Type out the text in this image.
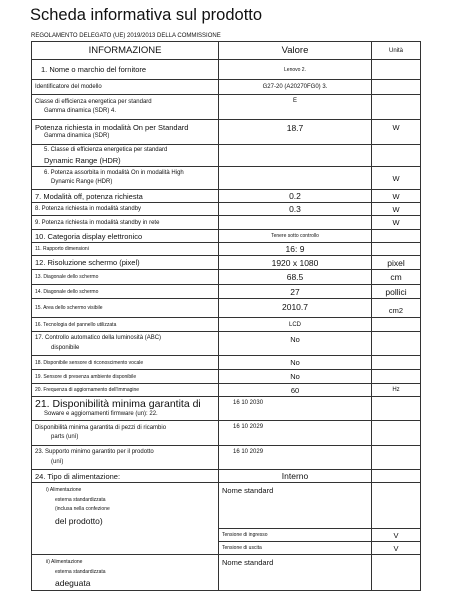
Scheda informativa sul prodotto
REGOLAMENTO DELEGATO (UE) 2019/2013 DELLA COMMISSIONE
INFORMAZIONE	Valore	Unità
1. Nome o marchio del fornitore	Lenovo 2.	
Identificatore del modello	G27-20 (A20270FG0) 3.	

Classe di efficienza energetica per standard
Gamma dinamica (SDR) 4.	E	

Potenza richiesta in modalità On per Standard
Gamma dinamica (SDR)	18.7	W

5. Classe di efficienza energetica per standard
Dynamic Range (HDR)		

6. Potenza assorbita in modalità On in modalità High
Dynamic Range (HDR)		W
7. Modalità off, potenza richiesta	0.2	W
8. Potenza richiesta in modalità standby	0.3	W
9. Potenza richiesta in modalità standby in rete		W
10. Categoria display elettronico	Tenere sotto controllo	
11. Rapporto dimensioni	16: 9	
12. Risoluzione schermo (pixel)	1920 x 1080	pixel
13. Diagonale dello schermo	68.5	cm
14. Diagonale dello schermo	27	pollici
15. Area dello schermo visibile	2010.7	cm2
16. Tecnologia del pannello utilizzata	LCD	

17. Controllo automatico della luminosità (ABC)
disponibile	No	
18. Disponibile sensore di riconoscimento vocale	No	
19. Sensore di presenza ambiente disponibile	No	
20. Frequenza di aggiornamento dell'immagine	60	Hz

21. Disponibilità minima garantita di
Soware e aggiornamenti firmware (un): 22.	16 10 2030	

Disponibilità minima garantita di pezzi di ricambio
parts (unì)	16 10 2029	

23. Supporto minimo garantito per il prodotto
(unì)	16 10 2029	
24. Tipo di alimentazione:	Interno	

i) Alimentazione
esterna standardizzata
(inclusa nella confezione
del prodotto)	Nome standard	
	Tensione di ingresso	V
	Tensione di uscita	V

ii) Alimentazione
esterna standardizzata
adeguata	Nome standard	
